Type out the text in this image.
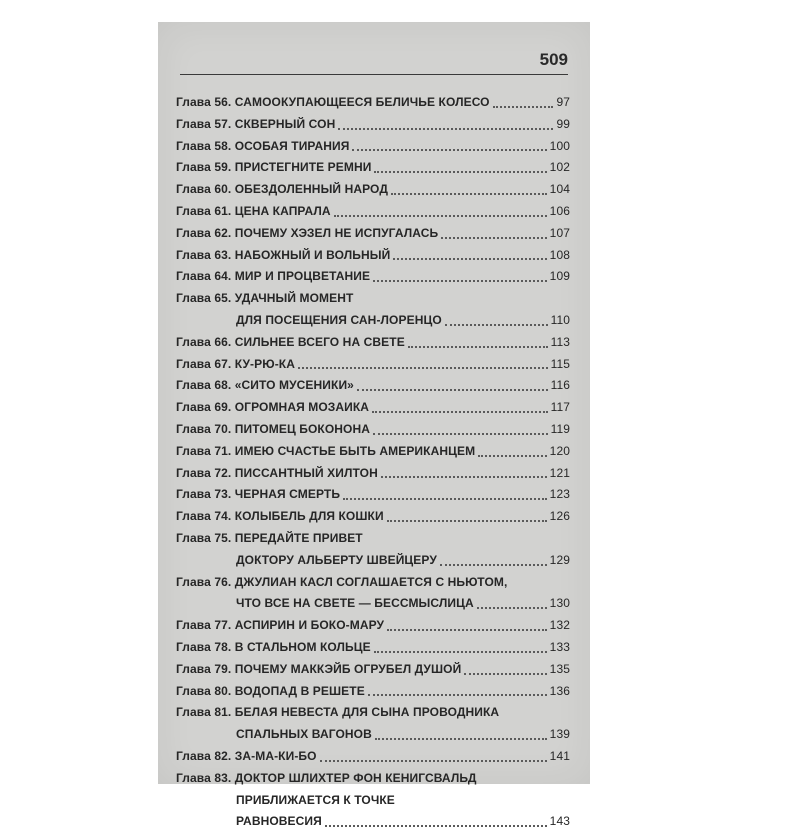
509
Глава 56. САМООКУПАЮЩЕЕСЯ БЕЛИЧЬЕ КОЛЕСО	97
Глава 57. СКВЕРНЫЙ СОН	99
Глава 58. ОСОБАЯ ТИРАНИЯ	100
Глава 59. ПРИСТЕГНИТЕ РЕМНИ	102
Глава 60. ОБЕЗДОЛЕННЫЙ НАРОД	104
Глава 61. ЦЕНА КАПРАЛА	106
Глава 62. ПОЧЕМУ ХЭЗЕЛ НЕ ИСПУГАЛАСЬ	107
Глава 63. НАБОЖНЫЙ И ВОЛЬНЫЙ	108
Глава 64. МИР И ПРОЦВЕТАНИЕ	109
Глава 65. УДАЧНЫЙ МОМЕНТ
ДЛЯ ПОСЕЩЕНИЯ САН-ЛОРЕНЦО	110
Глава 66. СИЛЬНЕЕ ВСЕГО НА СВЕТЕ	113
Глава 67. КУ-РЮ-КА	115
Глава 68. «СИТО МУСЕНИКИ»	116
Глава 69. ОГРОМНАЯ МОЗАИКА	117
Глава 70. ПИТОМЕЦ БОКОНОНА	119
Глава 71. ИМЕЮ СЧАСТЬЕ БЫТЬ АМЕРИКАНЦЕМ	120
Глава 72. ПИССАНТНЫЙ ХИЛТОН	121
Глава 73. ЧЕРНАЯ СМЕРТЬ	123
Глава 74. КОЛЫБЕЛЬ ДЛЯ КОШКИ	126
Глава 75. ПЕРЕДАЙТЕ ПРИВЕТ
ДОКТОРУ АЛЬБЕРТУ ШВЕЙЦЕРУ	129
Глава 76. ДЖУЛИАН КАСЛ СОГЛАШАЕТСЯ С НЬЮТОМ,
ЧТО ВСЕ НА СВЕТЕ — БЕССМЫСЛИЦА	130
Глава 77. АСПИРИН И БОКО-МАРУ	132
Глава 78. В СТАЛЬНОМ КОЛЬЦЕ	133
Глава 79. ПОЧЕМУ МАККЭЙБ ОГРУБЕЛ ДУШОЙ	135
Глава 80. ВОДОПАД В РЕШЕТЕ	136
Глава 81. БЕЛАЯ НЕВЕСТА ДЛЯ СЫНА ПРОВОДНИКА
СПАЛЬНЫХ ВАГОНОВ	139
Глава 82. ЗА-МА-КИ-БО	141
Глава 83. ДОКТОР ШЛИХТЕР ФОН КЕНИГСВАЛЬД
ПРИБЛИЖАЕТСЯ К ТОЧКЕ
РАВНОВЕСИЯ	143
